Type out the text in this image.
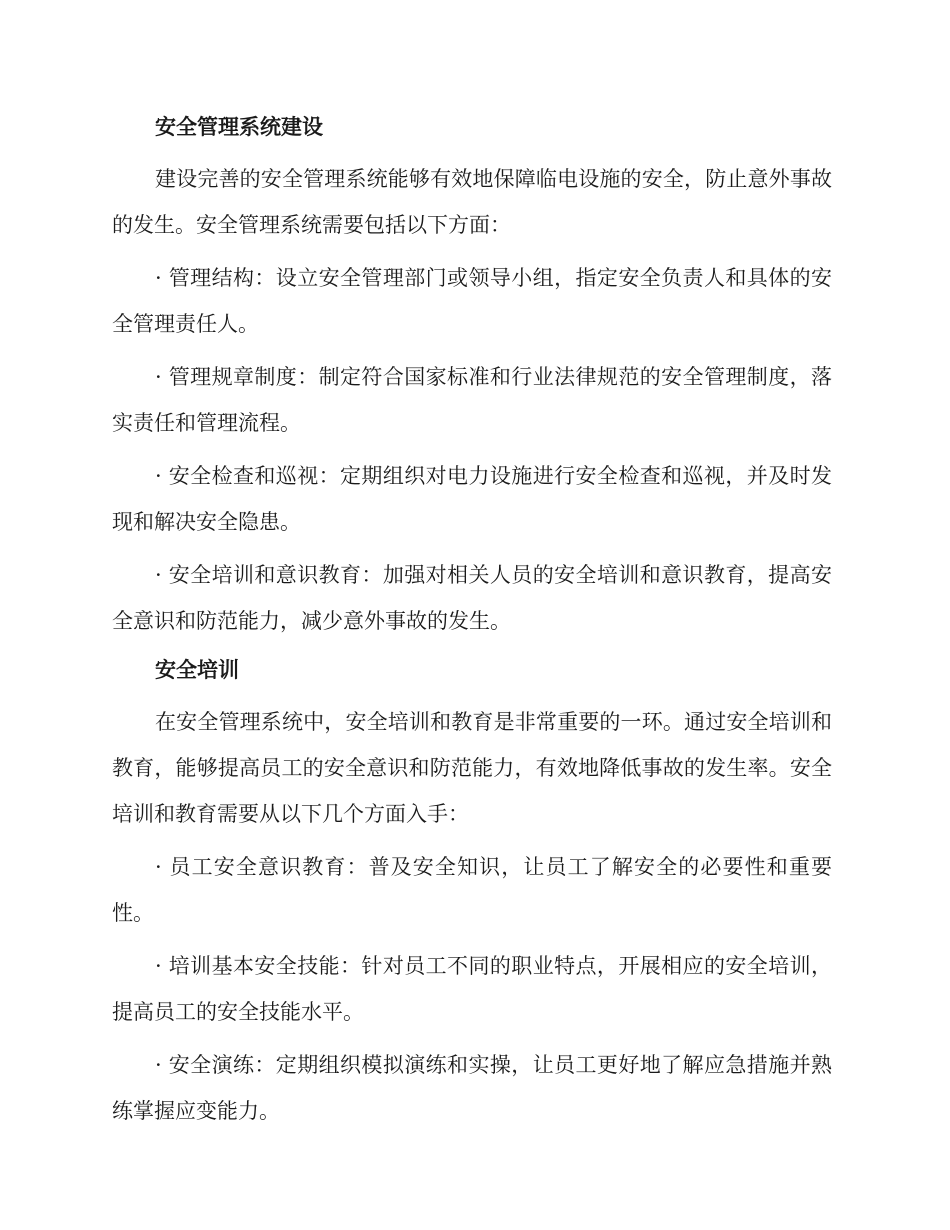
安全管理系统建设

建设完善的安全管理系统能够有效地保障临电设施的安全，防止意外事故的发生。安全管理系统需要包括以下方面：

· 管理结构：设立安全管理部门或领导小组，指定安全负责人和具体的安全管理责任人。

· 管理规章制度：制定符合国家标准和行业法律规范的安全管理制度，落实责任和管理流程。

· 安全检查和巡视：定期组织对电力设施进行安全检查和巡视，并及时发现和解决安全隐患。

· 安全培训和意识教育：加强对相关人员的安全培训和意识教育，提高安全意识和防范能力，减少意外事故的发生。

安全培训

在安全管理系统中，安全培训和教育是非常重要的一环。通过安全培训和教育，能够提高员工的安全意识和防范能力，有效地降低事故的发生率。安全培训和教育需要从以下几个方面入手：

· 员工安全意识教育：普及安全知识，让员工了解安全的必要性和重要性。

· 培训基本安全技能：针对员工不同的职业特点，开展相应的安全培训，提高员工的安全技能水平。

· 安全演练：定期组织模拟演练和实操，让员工更好地了解应急措施并熟练掌握应变能力。
